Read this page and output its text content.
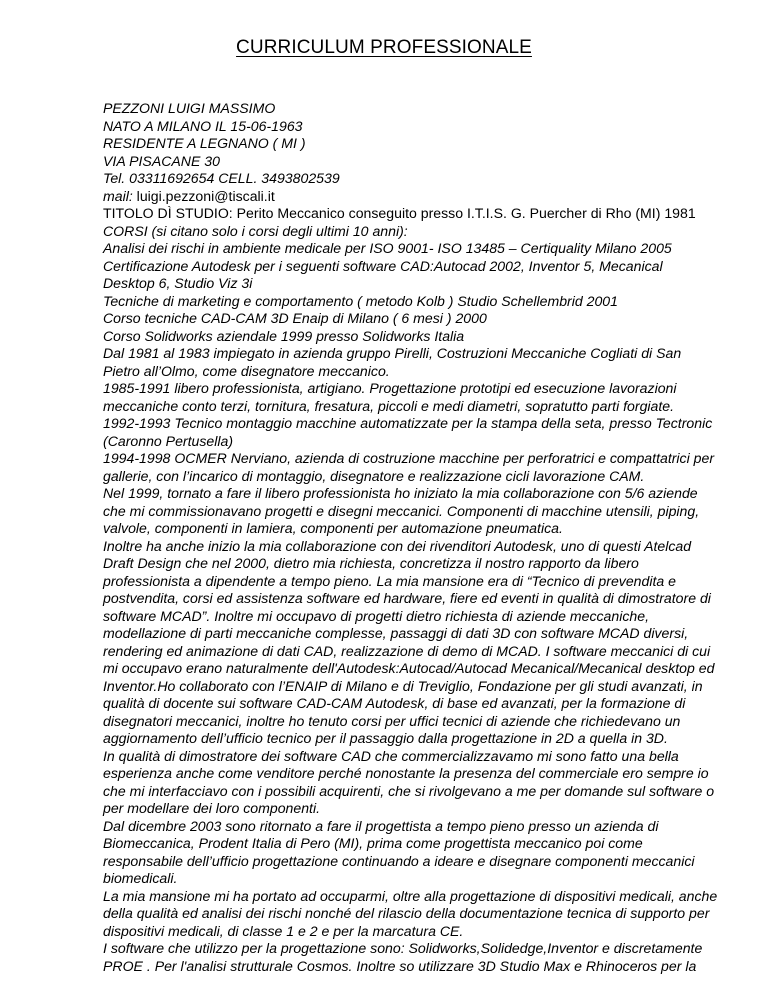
CURRICULUM PROFESSIONALE
PEZZONI LUIGI MASSIMO
NATO A MILANO IL 15-06-1963
RESIDENTE A LEGNANO ( MI )
VIA PISACANE 30
Tel. 03311692654 CELL. 3493802539
mail: luigi.pezzoni@tiscali.it
TITOLO DÌ STUDIO: Perito Meccanico conseguito presso I.T.I.S. G. Puercher di Rho (MI) 1981
CORSI (si citano solo i corsi degli ultimi 10 anni):
Analisi dei rischi in ambiente medicale per ISO 9001- ISO 13485 – Certiquality Milano 2005
Certificazione Autodesk per i seguenti software CAD:Autocad 2002, Inventor 5, Mecanical
Desktop 6, Studio Viz 3i
Tecniche di marketing e comportamento ( metodo Kolb ) Studio Schellembrid 2001
Corso tecniche CAD-CAM 3D Enaip di Milano ( 6 mesi ) 2000
Corso Solidworks aziendale 1999 presso Solidworks Italia
Dal 1981 al 1983 impiegato in azienda gruppo Pirelli, Costruzioni Meccaniche Cogliati di San
Pietro all’Olmo, come disegnatore meccanico.
1985-1991 libero professionista, artigiano. Progettazione prototipi ed esecuzione lavorazioni
meccaniche conto terzi, tornitura, fresatura, piccoli e medi diametri, sopratutto parti forgiate.
1992-1993 Tecnico montaggio macchine automatizzate per la stampa della seta, presso Tectronic
(Caronno Pertusella)
1994-1998 OCMER Nerviano, azienda di costruzione macchine per perforatrici e compattatrici per
gallerie, con l’incarico di montaggio, disegnatore e realizzazione cicli lavorazione CAM.
Nel 1999, tornato a fare il libero professionista ho iniziato la mia collaborazione con 5/6 aziende
che mi commissionavano progetti e disegni meccanici. Componenti di macchine utensili, piping,
valvole, componenti in lamiera, componenti per automazione pneumatica.
Inoltre ha anche inizio la mia collaborazione con dei rivenditori Autodesk, uno di questi Atelcad
Draft Design che nel 2000, dietro mia richiesta, concretizza il nostro rapporto da libero
professionista a dipendente a tempo pieno. La mia mansione era di “Tecnico di prevendita e
postvendita, corsi ed assistenza software ed hardware, fiere ed eventi in qualità di dimostratore di
software MCAD”. Inoltre mi occupavo di progetti dietro richiesta di aziende meccaniche,
modellazione di parti meccaniche complesse, passaggi di dati 3D con software MCAD diversi,
rendering ed animazione di dati CAD, realizzazione di demo di MCAD. I software meccanici di cui
mi occupavo erano naturalmente dell'Autodesk:Autocad/Autocad Mecanical/Mecanical desktop ed
Inventor.Ho collaborato con l’ENAIP di Milano e di Treviglio, Fondazione per gli studi avanzati, in
qualità di docente sui software CAD-CAM Autodesk, di base ed avanzati, per la formazione di
disegnatori meccanici, inoltre ho tenuto corsi per uffici tecnici di aziende che richiedevano un
aggiornamento dell’ufficio tecnico per il passaggio dalla progettazione in 2D a quella in 3D.
In qualità di dimostratore dei software CAD che commercializzavamo mi sono fatto una bella
esperienza anche come venditore perché nonostante la presenza del commerciale ero sempre io
che mi interfacciavo con i possibili acquirenti, che si rivolgevano a me per domande sul software o
per modellare dei loro componenti.
Dal dicembre 2003 sono ritornato a fare il progettista a tempo pieno presso un azienda di
Biomeccanica, Prodent Italia di Pero (MI), prima come progettista meccanico poi come
responsabile dell’ufficio progettazione continuando a ideare e disegnare componenti meccanici
biomedicali.
La mia mansione mi ha portato ad occuparmi, oltre alla progettazione di dispositivi medicali, anche
della qualità ed analisi dei rischi nonché del rilascio della documentazione tecnica di supporto per
dispositivi medicali, di classe 1 e 2 e per la marcatura CE.
I software che utilizzo per la progettazione sono: Solidworks,Solidedge,Inventor e discretamente
PROE . Per l'analisi strutturale Cosmos. Inoltre so utilizzare 3D Studio Max e Rhinoceros per la
